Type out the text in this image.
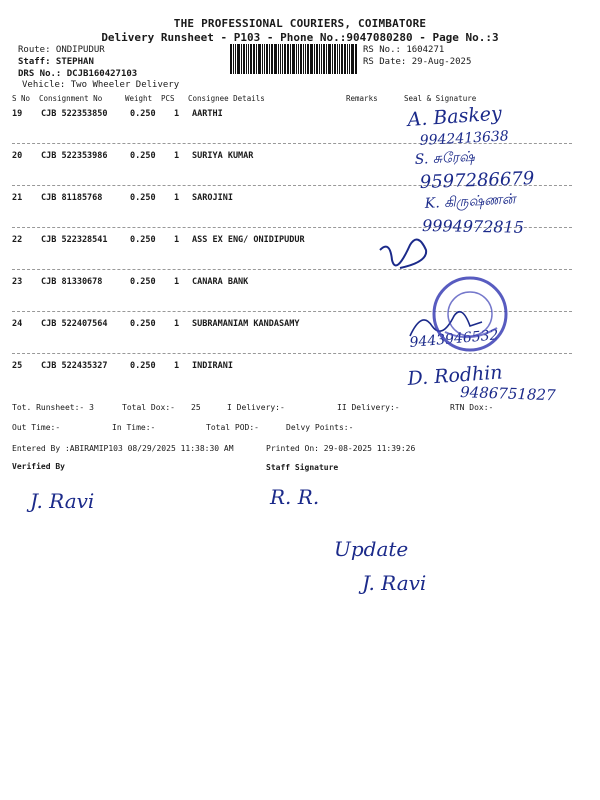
THE PROFESSIONAL COURIERS, COIMBATORE
Delivery Runsheet - P103 - Phone No.:9047080280 - Page No.:3
Route: ONDIPUDUR
Staff: STEPHAN
DRS No.: DCJB160427103
Vehicle: Two Wheeler Delivery
RS No.: 1604271
RS Date: 29-Aug-2025
S No Consignment No	Weight PCS Consignee Details	Remarks	Seal & Signature
19 CJB 522353850	0.250 1 AARTHI
20 CJB 522353986	0.250 1 SURIYA KUMAR
21 CJB 81185768	0.250 1 SAROJINI
22 CJB 522328541	0.250 1 ASS EX ENG/ ONIDIPUDUR
23 CJB 81330678	0.250 1 CANARA BANK
24 CJB 522407564	0.250 1 SUBRAMANIAM KANDASAMY
25 CJB 522435327	0.250 1 INDIRANI
A. Baskey
9942413638
S. சுரேஷ்
9597286679
K. கிருஷ்ணன்
9994972815
9443946532
D. Rodhin
9486751827
Tot. Runsheet:- 3	Total Dox:- 25	I Delivery:-	II Delivery:-	RTN Dox:-
Out Time:-	In Time:-	Total POD:-	Delvy Points:-
Entered By :ABIRAMIP103 08/29/2025 11:38:30 AM	Printed On: 29-08-2025 11:39:26
Verified By	Staff Signature
J. Ravi	R. R.
Update
J. Ravi
